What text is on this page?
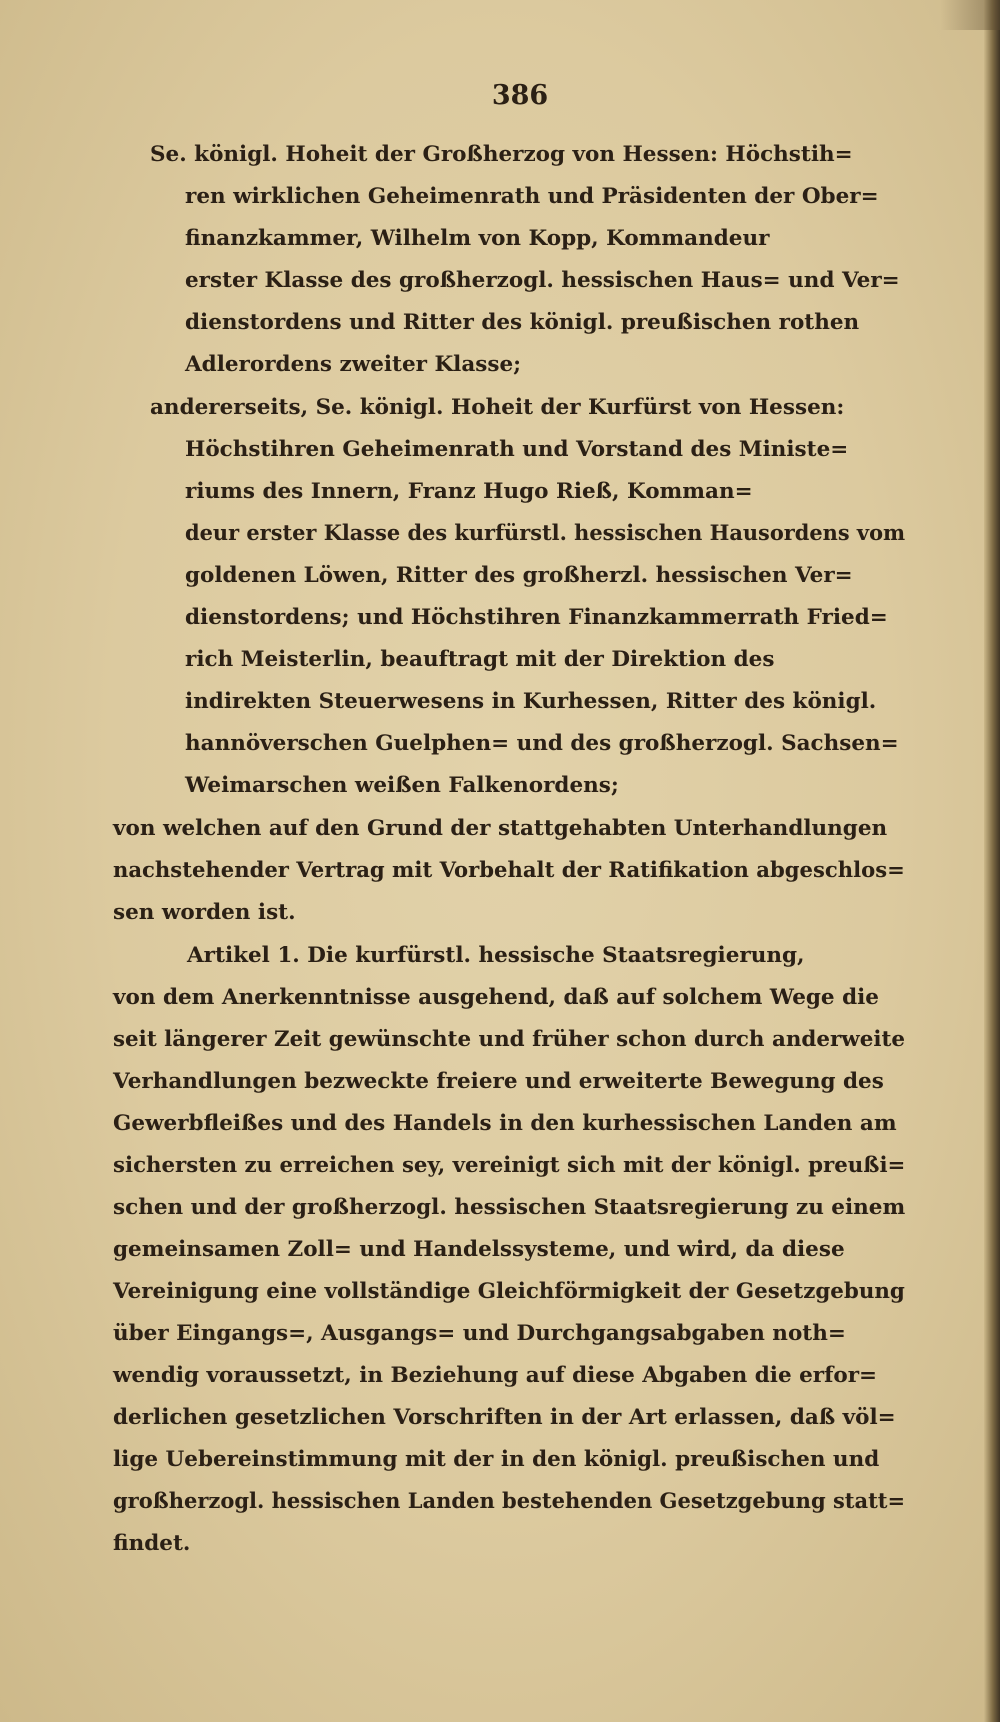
386
Se. königl. Hoheit der Großherzog von Hessen: Höchstih=
ren wirklichen Geheimenrath und Präsidenten der Ober=
finanzkammer, Wilhelm von Kopp, Kommandeur
erster Klasse des großherzogl. hessischen Haus= und Ver=
dienstordens und Ritter des königl. preußischen rothen
Adlerordens zweiter Klasse;
andererseits, Se. königl. Hoheit der Kurfürst von Hessen:
Höchstihren Geheimenrath und Vorstand des Ministe=
riums des Innern, Franz Hugo Rieß, Komman=
deur erster Klasse des kurfürstl. hessischen Hausordens vom
goldenen Löwen, Ritter des großherzl. hessischen Ver=
dienstordens; und Höchstihren Finanzkammerrath Fried=
rich Meisterlin, beauftragt mit der Direktion des
indirekten Steuerwesens in Kurhessen, Ritter des königl.
hannöverschen Guelphen= und des großherzogl. Sachsen=
Weimarschen weißen Falkenordens;
von welchen auf den Grund der stattgehabten Unterhandlungen
nachstehender Vertrag mit Vorbehalt der Ratifikation abgeschlos=
sen worden ist.
Artikel 1. Die kurfürstl. hessische Staatsregierung,
von dem Anerkenntnisse ausgehend, daß auf solchem Wege die
seit längerer Zeit gewünschte und früher schon durch anderweite
Verhandlungen bezweckte freiere und erweiterte Bewegung des
Gewerbfleißes und des Handels in den kurhessischen Landen am
sichersten zu erreichen sey, vereinigt sich mit der königl. preußi=
schen und der großherzogl. hessischen Staatsregierung zu einem
gemeinsamen Zoll= und Handelssysteme, und wird, da diese
Vereinigung eine vollständige Gleichförmigkeit der Gesetzgebung
über Eingangs=, Ausgangs= und Durchgangsabgaben noth=
wendig voraussetzt, in Beziehung auf diese Abgaben die erfor=
derlichen gesetzlichen Vorschriften in der Art erlassen, daß völ=
lige Uebereinstimmung mit der in den königl. preußischen und
großherzogl. hessischen Landen bestehenden Gesetzgebung statt=
findet.
